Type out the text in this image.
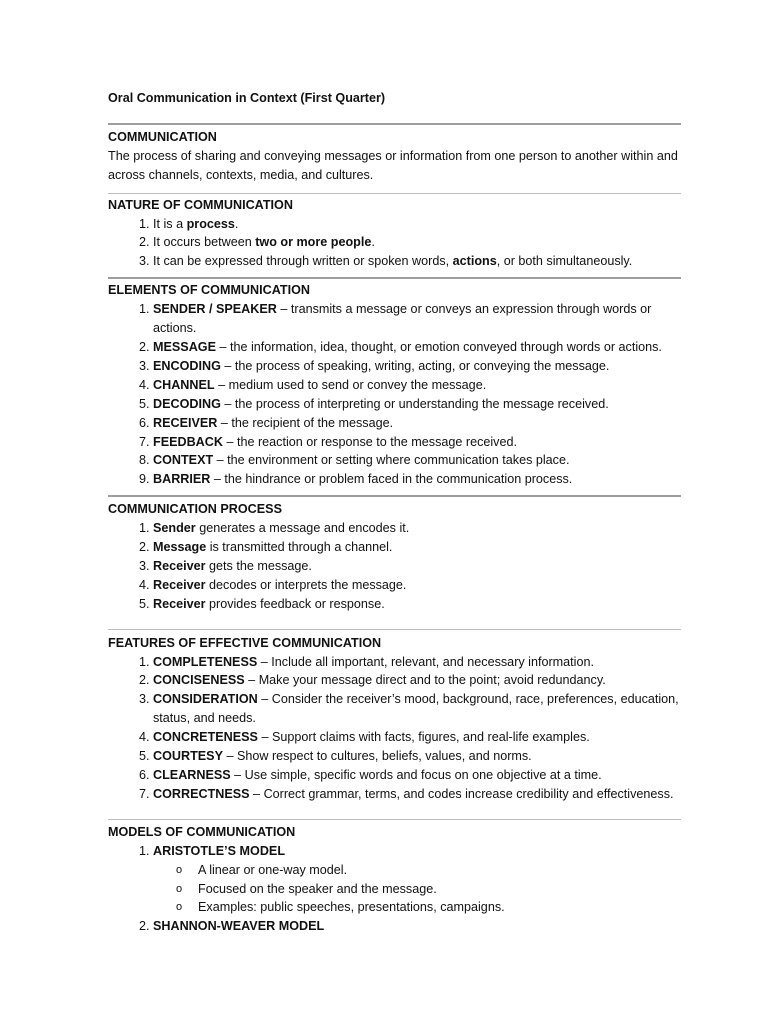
Oral Communication in Context (First Quarter)

COMMUNICATION

The process of sharing and conveying messages or information from one person to another within and across channels, contexts, media, and cultures.

NATURE OF COMMUNICATION
1. It is a process.
2. It occurs between two or more people.
3. It can be expressed through written or spoken words, actions, or both simultaneously.
ELEMENTS OF COMMUNICATION
1. SENDER / SPEAKER – transmits a message or conveys an expression through words or actions.
2. MESSAGE – the information, idea, thought, or emotion conveyed through words or actions.
3. ENCODING – the process of speaking, writing, acting, or conveying the message.
4. CHANNEL – medium used to send or convey the message.
5. DECODING – the process of interpreting or understanding the message received.
6. RECEIVER – the recipient of the message.
7. FEEDBACK – the reaction or response to the message received.
8. CONTEXT – the environment or setting where communication takes place.
9. BARRIER – the hindrance or problem faced in the communication process.
COMMUNICATION PROCESS
1. Sender generates a message and encodes it.
2. Message is transmitted through a channel.
3. Receiver gets the message.
4. Receiver decodes or interprets the message.
5. Receiver provides feedback or response.
FEATURES OF EFFECTIVE COMMUNICATION
1. COMPLETENESS – Include all important, relevant, and necessary information.
2. CONCISENESS – Make your message direct and to the point; avoid redundancy.
3. CONSIDERATION – Consider the receiver’s mood, background, race, preferences, education, status, and needs.
4. CONCRETENESS – Support claims with facts, figures, and real-life examples.
5. COURTESY – Show respect to cultures, beliefs, values, and norms.
6. CLEARNESS – Use simple, specific words and focus on one objective at a time.
7. CORRECTNESS – Correct grammar, terms, and codes increase credibility and effectiveness.
MODELS OF COMMUNICATION
1. ARISTOTLE’S MODEL
o A linear or one-way model.
o Focused on the speaker and the message.
o Examples: public speeches, presentations, campaigns.
2. SHANNON-WEAVER MODEL
